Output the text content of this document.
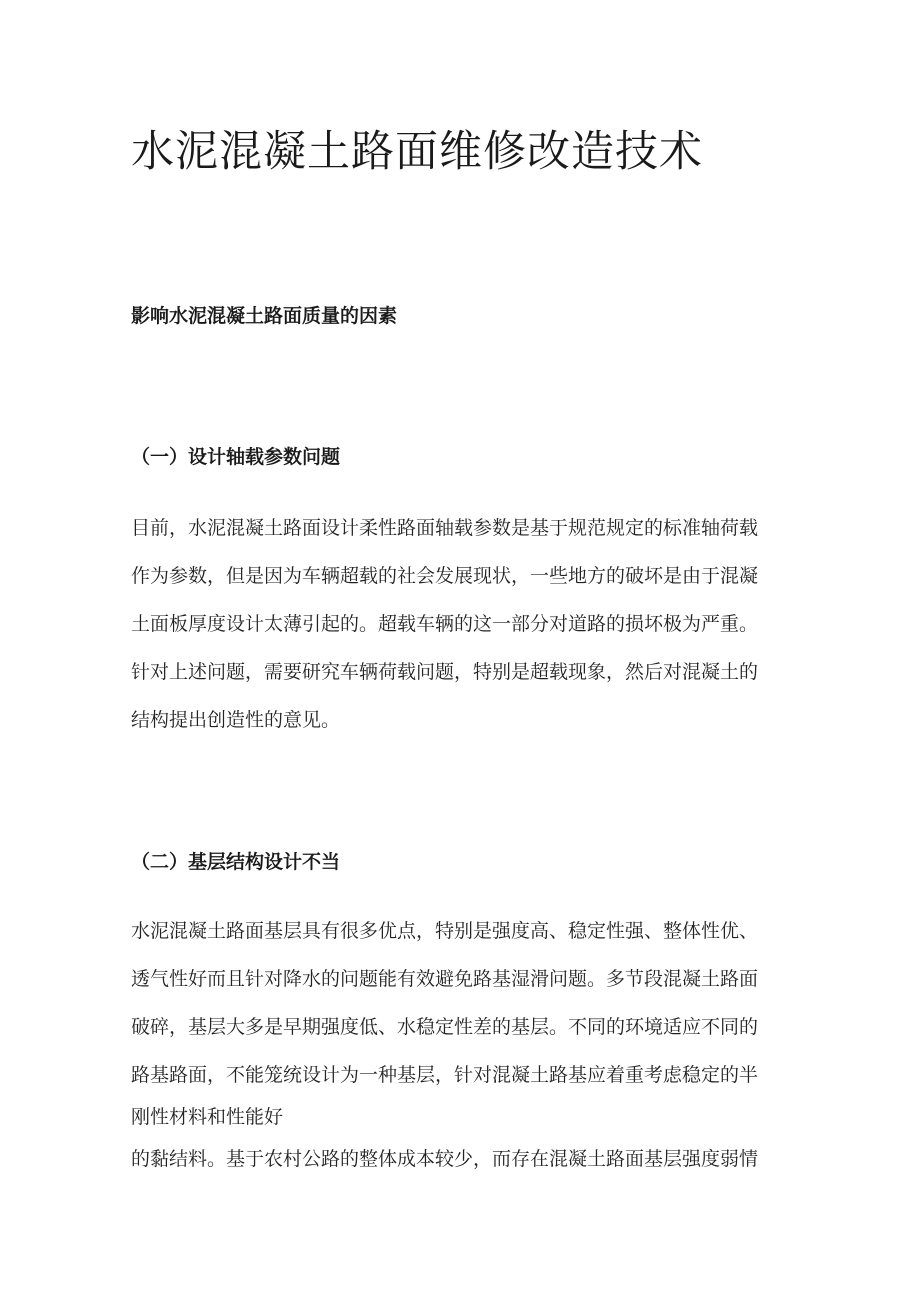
水泥混凝土路面维修改造技术
影响水泥混凝土路面质量的因素
（一）设计轴载参数问题

目前，水泥混凝土路面设计柔性路面轴载参数是基于规范规定的标准轴荷载
作为参数，但是因为车辆超载的社会发展现状，一些地方的破坏是由于混凝
土面板厚度设计太薄引起的。超载车辆的这一部分对道路的损坏极为严重。
针对上述问题，需要研究车辆荷载问题，特别是超载现象，然后对混凝土的
结构提出创造性的意见。

（二）基层结构设计不当

水泥混凝土路面基层具有很多优点，特别是强度高、稳定性强、整体性优、
透气性好而且针对降水的问题能有效避免路基湿滑问题。多节段混凝土路面
破碎，基层大多是早期强度低、水稳定性差的基层。不同的环境适应不同的
路基路面，不能笼统设计为一种基层，针对混凝土路基应着重考虑稳定的半
刚性材料和性能好
的黏结料。基于农村公路的整体成本较少，而存在混凝土路面基层强度弱情
